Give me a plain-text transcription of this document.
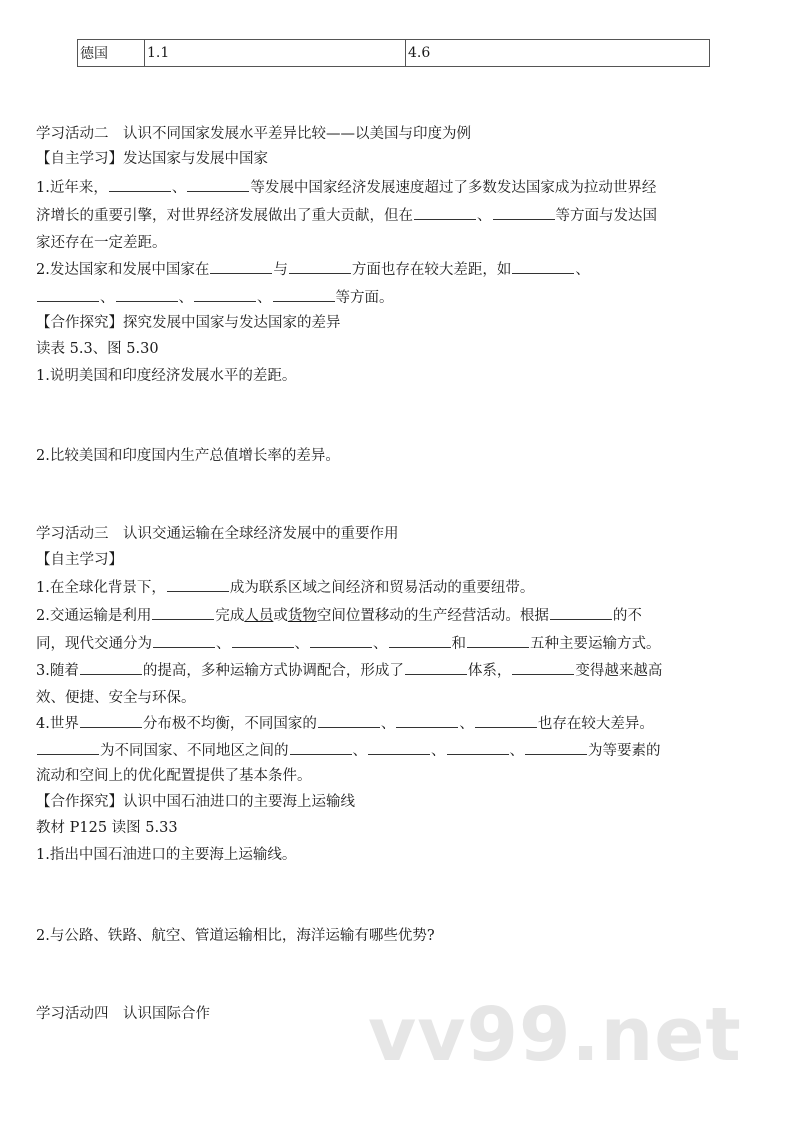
德国	1.1	4.6
学习活动二　认识不同国家发展水平差异比较——以美国与印度为例
【自主学习】发达国家与发展中国家
1.近年来，	、	等发展中国家经济发展速度超过了多数发达国家成为拉动世界经
济增长的重要引擎，对世界经济发展做出了重大贡献，但在	、	等方面与发达国
家还存在一定差距。
2.发达国家和发展中国家在	与	方面也存在较大差距，如	、
、	、	、	等方面。
【合作探究】探究发展中国家与发达国家的差异
读表 5.3、图 5.30
1.说明美国和印度经济发展水平的差距。
2.比较美国和印度国内生产总值增长率的差异。
学习活动三　认识交通运输在全球经济发展中的重要作用
【自主学习】
1.在全球化背景下，	成为联系区域之间经济和贸易活动的重要纽带。
2.交通运输是利用	完成人员或货物空间位置移动的生产经营活动。根据	的不
同，现代交通分为	、	、	、	和	五种主要运输方式。
3.随着	的提高，多种运输方式协调配合，形成了	体系，	变得越来越高
效、便捷、安全与环保。
4.世界	分布极不均衡，不同国家的	、	、	也存在较大差异。
为不同国家、不同地区之间的	、	、	、	为等要素的
流动和空间上的优化配置提供了基本条件。
【合作探究】认识中国石油进口的主要海上运输线
教材 P125 读图 5.33
1.指出中国石油进口的主要海上运输线。
2.与公路、铁路、航空、管道运输相比，海洋运输有哪些优势?
学习活动四　认识国际合作 vv99.net
